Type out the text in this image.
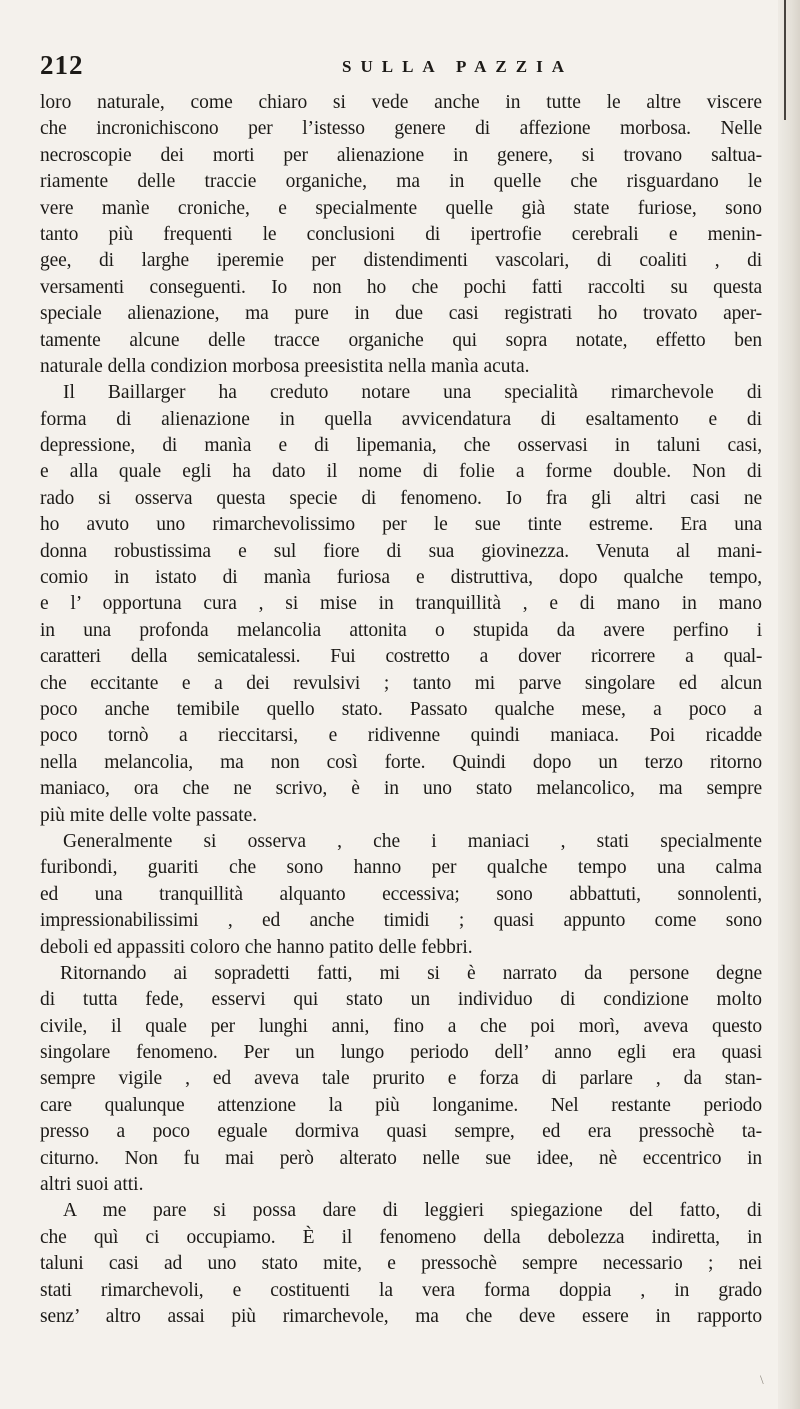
212	SULLA PAZZIA
loro naturale, come chiaro si vede anche in tutte le altre viscere
che incronichiscono per l’istesso genere di affezione morbosa. Nelle
necroscopie dei morti per alienazione in genere, si trovano saltua-
riamente delle traccie organiche, ma in quelle che risguardano le
vere manìe croniche, e specialmente quelle già state furiose, sono
tanto più frequenti le conclusioni di ipertrofie cerebrali e menin-
gee, di larghe iperemie per distendimenti vascolari, di coaliti , di
versamenti conseguenti. Io non ho che pochi fatti raccolti su questa
speciale alienazione, ma pure in due casi registrati ho trovato aper-
tamente alcune delle tracce organiche qui sopra notate, effetto ben
naturale della condizion morbosa preesistita nella manìa acuta.
Il Baillarger ha creduto notare una specialità rimarchevole di
forma di alienazione in quella avvicendatura di esaltamento e di
depressione, di manìa e di lipemania, che osservasi in taluni casi,
e alla quale egli ha dato il nome di folie a forme double. Non di
rado si osserva questa specie di fenomeno. Io fra gli altri casi ne
ho avuto uno rimarchevolissimo per le sue tinte estreme. Era una
donna robustissima e sul fiore di sua giovinezza. Venuta al mani-
comio in istato di manìa furiosa e distruttiva, dopo qualche tempo,
e l’ opportuna cura , si mise in tranquillità , e di mano in mano
in una profonda melancolia attonita o stupida da avere perfino i
caratteri della semicatalessi. Fui costretto a dover ricorrere a qual-
che eccitante e a dei revulsivi ; tanto mi parve singolare ed alcun
poco anche temibile quello stato. Passato qualche mese, a poco a
poco tornò a rieccitarsi, e ridivenne quindi maniaca. Poi ricadde
nella melancolia, ma non così forte. Quindi dopo un terzo ritorno
maniaco, ora che ne scrivo, è in uno stato melancolico, ma sempre
più mite delle volte passate.
Generalmente si osserva , che i maniaci , stati specialmente
furibondi, guariti che sono hanno per qualche tempo una calma
ed una tranquillità alquanto eccessiva; sono abbattuti, sonnolenti,
impressionabilissimi , ed anche timidi ; quasi appunto come sono
deboli ed appassiti coloro che hanno patito delle febbri.
Ritornando ai sopradetti fatti, mi si è narrato da persone degne
di tutta fede, esservi qui stato un individuo di condizione molto
civile, il quale per lunghi anni, fino a che poi morì, aveva questo
singolare fenomeno. Per un lungo periodo dell’ anno egli era quasi
sempre vigile , ed aveva tale prurito e forza di parlare , da stan-
care qualunque attenzione la più longanime. Nel restante periodo
presso a poco eguale dormiva quasi sempre, ed era pressochè ta-
citurno. Non fu mai però alterato nelle sue idee, nè eccentrico in
altri suoi atti.
A me pare si possa dare di leggieri spiegazione del fatto, di
che quì ci occupiamo. È il fenomeno della debolezza indiretta, in
taluni casi ad uno stato mite, e pressochè sempre necessario ; nei
stati rimarchevoli, e costituenti la vera forma doppia , in grado
senz’ altro assai più rimarchevole, ma che deve essere in rapporto
\
